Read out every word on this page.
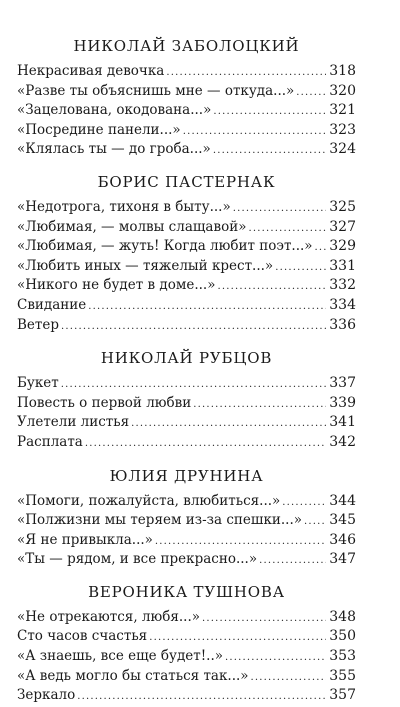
НИКОЛАЙ ЗАБОЛОЦКИЙ
Некрасивая девочка .....	318
«Разве ты объяснишь мне — откуда...» ..... 320
«Зацелована, окодована...» .....	321
«Посредине панели...» .....	323
«Клялась ты — до гроба...» .....	324
БОРИС ПАСТЕРНАК
«Недотрога, тихоня в быту...» .....	325
«Любимая, — молвы слащавой» .....	327
«Любимая, — жуть! Когда любит поэт...» ..... 329
«Любить иных — тяжелый крест...» .....	331
«Никого не будет в доме...» .....	332
Свидание .....	334
Ветер .....	336
НИКОЛАЙ РУБЦОВ
Букет .....	337
Повесть о первой любви .....	339
Улетели листья .....	341
Расплата .....	342
ЮЛИЯ ДРУНИНА
«Помоги, пожалуйста, влюбиться...» .....	344
«Полжизни мы теряем из-за спешки...» ..... 345
«Я не привыкла...» .....	346
«Ты — рядом, и все прекрасно...» .....	347
ВЕРОНИКА ТУШНОВА
«Не отрекаются, любя...» .....	348
Сто часов счастья .....	350
«А знаешь, все еще будет!..» .....	353
«А ведь могло бы статься так...» .....	355
Зеркало .....	357
